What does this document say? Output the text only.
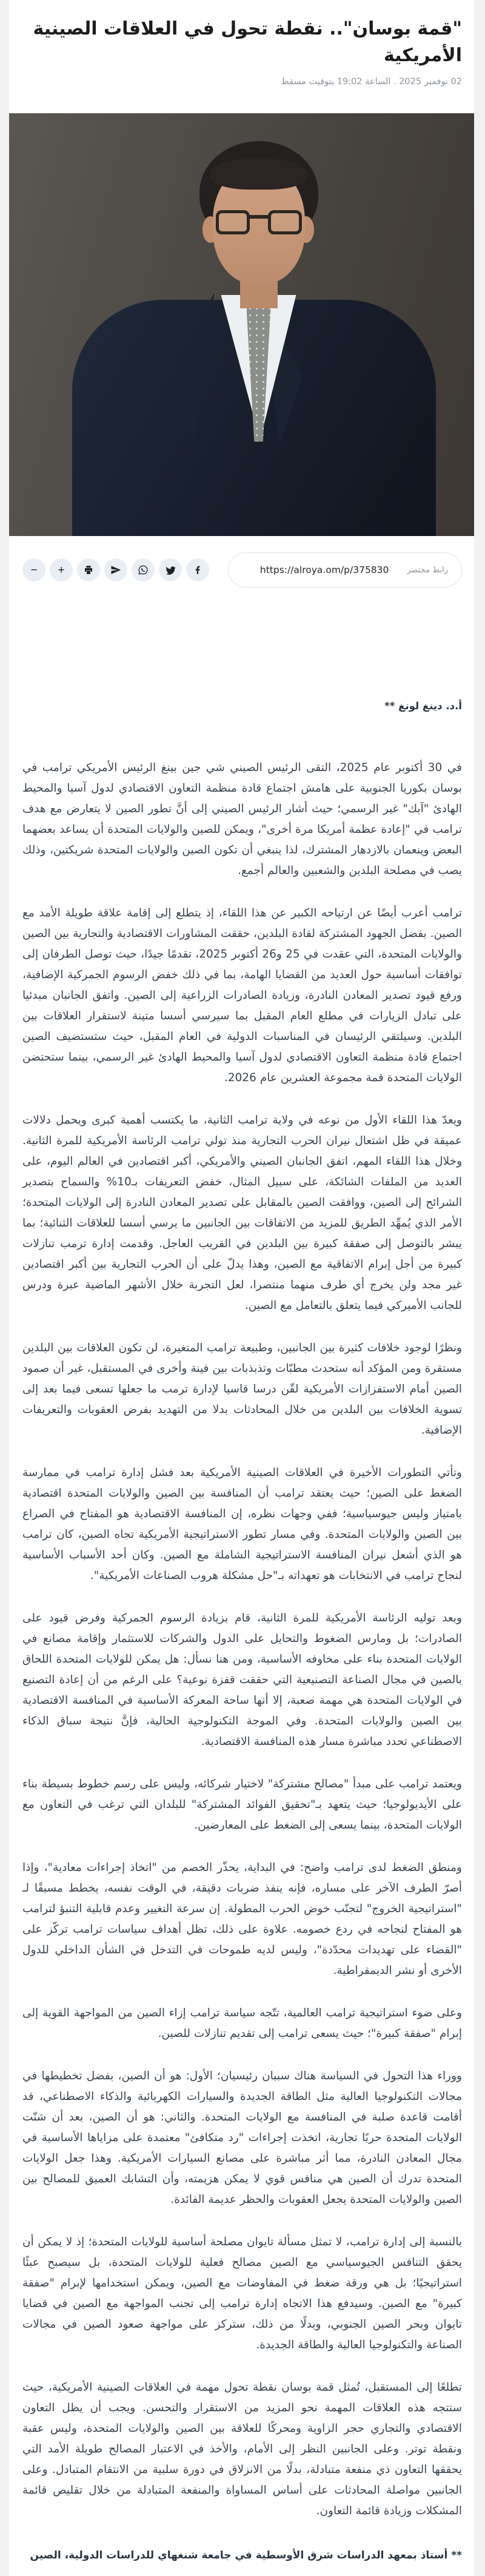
"قمة بوسان".. نقطة تحول في العلاقات الصينية الأمريكية
02 نوفمبر 2025 . الساعة 19:02 بتوقيت مسقط
رابط مختصر
https://alroya.om/p/375830
− +
أ.د. دينغ لونغ **

في 30 أكتوبر عام 2025، التقى الرئيس الصيني شي جين بينغ الرئيس الأمريكي ترامب في بوسان بكوريا الجنوبية على هامش اجتماع قادة منظمة التعاون الاقتصادي لدول آسيا والمحيط الهادئ "آبك" غير الرسمي؛ حيث أشار الرئيس الصيني إلى أنَّ تطور الصين لا يتعارض مع هدف ترامب في "إعادة عظمة أمريكا مرة أخرى"، ويمكن للصين والولايات المتحدة أن يساعد بعضهما البعض وينعمان بالازدهار المشترك، لذا ينبغي أن تكون الصين والولايات المتحدة شريكتين، وذلك يصب في مصلحة البلدين والشعبين والعالم أجمع.

ترامب أعرب أيضًا عن ارتياحه الكبير عن هذا اللقاء، إذ يتطلع إلى إقامة علاقة طويلة الأمد مع الصين. بفضل الجهود المشتركة لقادة البلدين، حققت المشاورات الاقتصادية والتجارية بين الصين والولايات المتحدة، التي عقدت في 25 و26 أكتوبر 2025، تقدمًا جيدًا، حيث توصل الطرفان إلى توافقات أساسية حول العديد من القضايا الهامة، بما في ذلك خفض الرسوم الجمركية الإضافية، ورفع قيود تصدير المعادن النادرة، وزيادة الصادرات الزراعية إلى الصين. واتفق الجانبان مبدئيا على تبادل الزيارات في مطلع العام المقبل بما سيرسي أسسا متينة لاستقرار العلاقات بين البلدين. وسيلتقي الرئيسان في المناسبات الدولية في العام المقبل، حيث ستستضيف الصين اجتماع قادة منظمة التعاون الاقتصادي لدول آسيا والمحيط الهادئ غير الرسمي، بينما ستحتضن الولايات المتحدة قمة مجموعة العشرين عام 2026.

ويعدّ هذا اللقاء الأول من نوعه في ولاية ترامب الثانية، ما يكتسب أهمية كبرى ويحمل دلالات عميقة في ظل اشتعال نيران الحرب التجارية منذ تولي ترامب الرئاسة الأمريكية للمرة الثانية. وخلال هذا اللقاء المهم، اتفق الجانبان الصيني والأمريكي، أكبر اقتصادين في العالم اليوم، على العديد من الملفات الشائكة، على سبيل المثال، خفض التعريفات بـ10% والسماح بتصدير الشرائح إلى الصين، ووافقت الصين بالمقابل على تصدير المعادن النادرة إلى الولايات المتحدة؛ الأمر الذي يُمهِّد الطريق للمزيد من الاتفاقات بين الجانبين ما يرسي أسسا للعلاقات الثنائية؛ بما يبشر بالتوصل إلى صفقة كبيرة بين البلدين في القريب العاجل. وقدمت إدارة ترمب تنازلات كبيرة من أجل إبرام الاتفاقية مع الصين، وهذا يدلّ على أن الحرب التجارية بين أكبر اقتصادين غير مجد ولن يخرج أي طرف منهما منتصرا، لعل التجربة خلال الأشهر الماضية عبرة ودرس للجانب الأميركي فيما يتعلق بالتعامل مع الصين.

ونظرًا لوجود خلافات كثيرة بين الجانبين، وطبيعة ترامب المتغيرة، لن تكون العلاقات بين البلدين مستقرة ومن المؤكد أنه ستحدث مطبّات وتذبذبات بين فينة وأخرى في المستقبل، غير أن صمود الصين أمام الاستفزازات الأمريكية لقّن درسا قاسيا لإدارة ترمب ما جعلها تسعى فيما بعد إلى تسوية الخلافات بين البلدين من خلال المحادثات بدلا من التهديد بفرض العقوبات والتعريفات الإضافية.

وتأتي التطورات الأخيرة في العلاقات الصينية الأمريكية بعد فشل إدارة ترامب في ممارسة الضغط على الصين؛ حيث يعتقد ترامب أن المنافسة بين الصين والولايات المتحدة اقتصادية بامتياز وليس جيوسياسية؛ ففي وجهات نظره، إن المنافسة الاقتصادية هو المفتاح في الصراع بين الصين والولايات المتحدة. وفي مسار تطور الاستراتيجية الأمريكية تجاه الصين، كان ترامب هو الذي أشعل نيران المنافسة الاستراتيجية الشاملة مع الصين. وكان أحد الأسباب الأساسية لنجاح ترامب في الانتخابات هو تعهداته بـ"حل مشكلة هروب الصناعات الأمريكية".

وبعد توليه الرئاسة الأمريكية للمرة الثانية، قام بزيادة الرسوم الجمركية وفرض قيود على الصادرات؛ بل ومارس الضغوط والتحايل على الدول والشركات للاستثمار وإقامة مصانع في الولايات المتحدة بناء على مخاوفه الأساسية، ومن هنا نسأل: هل يمكن للولايات المتحدة اللحاق بالصين في مجال الصناعة التصنيعية التي حققت قفزة نوعية؟ على الرغم من أن إعادة التصنيع في الولايات المتحدة هي مهمة صعبة، إلا أنها ساحة المعركة الأساسية في المنافسة الاقتصادية بين الصين والولايات المتحدة. وفي الموجة التكنولوجية الحالية، فإنَّ نتيجة سباق الذكاء الاصطناعي تحدد مباشرة مسار هذه المنافسة الاقتصادية.

ويعتمد ترامب على مبدأ "مصالح مشتركة" لاختيار شركائه، وليس على رسم خطوط بسيطة بناء على الأيديولوجيا؛ حيث يتعهد بـ"تحقيق الفوائد المشتركة" للبلدان التي ترغب في التعاون مع الولايات المتحدة، بينما يسعى إلى الضغط على المعارضين.

ومنطق الضغط لدى ترامب واضح: في البداية، يحذّر الخصم من "اتخاذ إجراءات معادية"، وإذا أصرّ الطرف الآخر على مساره، فإنه ينفذ ضربات دقيقة، في الوقت نفسه، يخطط مسبقًا لـ "استراتيجية الخروج" لتجنّب خوض الحرب المطولة. إن سرعة التغيير وعدم قابلية التنبؤ لترامب هو المفتاح لنجاحه في ردع خصومه. علاوة على ذلك، تظل أهداف سياسات ترامب تركّز على "القضاء على تهديدات محدّدة"، وليس لديه طموحات في التدخل في الشأن الداخلي للدول الأخرى أو نشر الديمقراطية.

وعلى ضوء استراتيجية ترامب العالمية، تتّجه سياسة ترامب إزاء الصين من المواجهة القوية إلى إبرام "صفقة كبيرة"؛ حيث يسعى ترامب إلى تقديم تنازلات للصين.

ووراء هذا التحول في السياسة هناك سببان رئيسيان؛ الأول: هو أن الصين، بفضل تخطيطها في مجالات التكنولوجيا العالية مثل الطاقة الجديدة والسيارات الكهربائية والذكاء الاصطناعي، قد أقامت قاعدة صلبة في المنافسة مع الولايات المتحدة. والثاني: هو أن الصين، بعد أن شنّت الولايات المتحدة حربًا تجارية، اتخذت إجراءات "رد متكافئ" معتمدة على مزاياها الأساسية في مجال المعادن النادرة، مما أثر مباشرة على مصانع السيارات الأمريكية. وهذا جعل الولايات المتحدة تدرك أن الصين هي منافس قوي لا يمكن هزيمته، وأن التشابك العميق للمصالح بين الصين والولايات المتحدة يجعل العقوبات والحظر عديمة الفائدة.

بالنسبة إلى إدارة ترامب، لا تمثل مسألة تايوان مصلحة أساسية للولايات المتحدة؛ إذ لا يمكن أن يحقق التنافس الجيوسياسي مع الصين مصالح فعلية للولايات المتحدة، بل سيصبح عبئًا استراتيجيًا؛ بل هي ورقة ضغط في المفاوضات مع الصين، ويمكن استخدامها لإبرام "صفقة كبيرة" مع الصين. وسيدفع هذا الاتجاه إدارة ترامب إلى تجنب المواجهة مع الصين في قضايا تايوان وبحر الصين الجنوبي، وبدلًا من ذلك، ستركز على مواجهة صعود الصين في مجالات الصناعة والتكنولوجيا العالية والطاقة الجديدة.

تطلعًا إلى المستقبل، تُمثل قمة بوسان نقطة تحول مهمة في العلاقات الصينية الأمريكية، حيث ستتجه هذه العلاقات المهمة نحو المزيد من الاستقرار والتحسن. ويجب أن يظل التعاون الاقتصادي والتجاري حجر الزاوية ومحركًا للعلاقة بين الصين والولايات المتحدة، وليس عقبة ونقطة توتر. وعلى الجانبين النظر إلى الأمام، والأخذ في الاعتبار المصالح طويلة الأمد التي يحققها التعاون ذي منفعة متبادلة، بدلًا من الانزلاق في دورة سلبية من الانتقام المتبادل. وعلى الجانبين مواصلة المحادثات على أساس المساواة والمنفعة المتبادلة من خلال تقليص قائمة المشكلات وزيادة قائمة التعاون.

** أستاذ بمعهد الدراسات شرق الأوسطية في جامعة شنغهاي للدراسات الدولية، الصين
